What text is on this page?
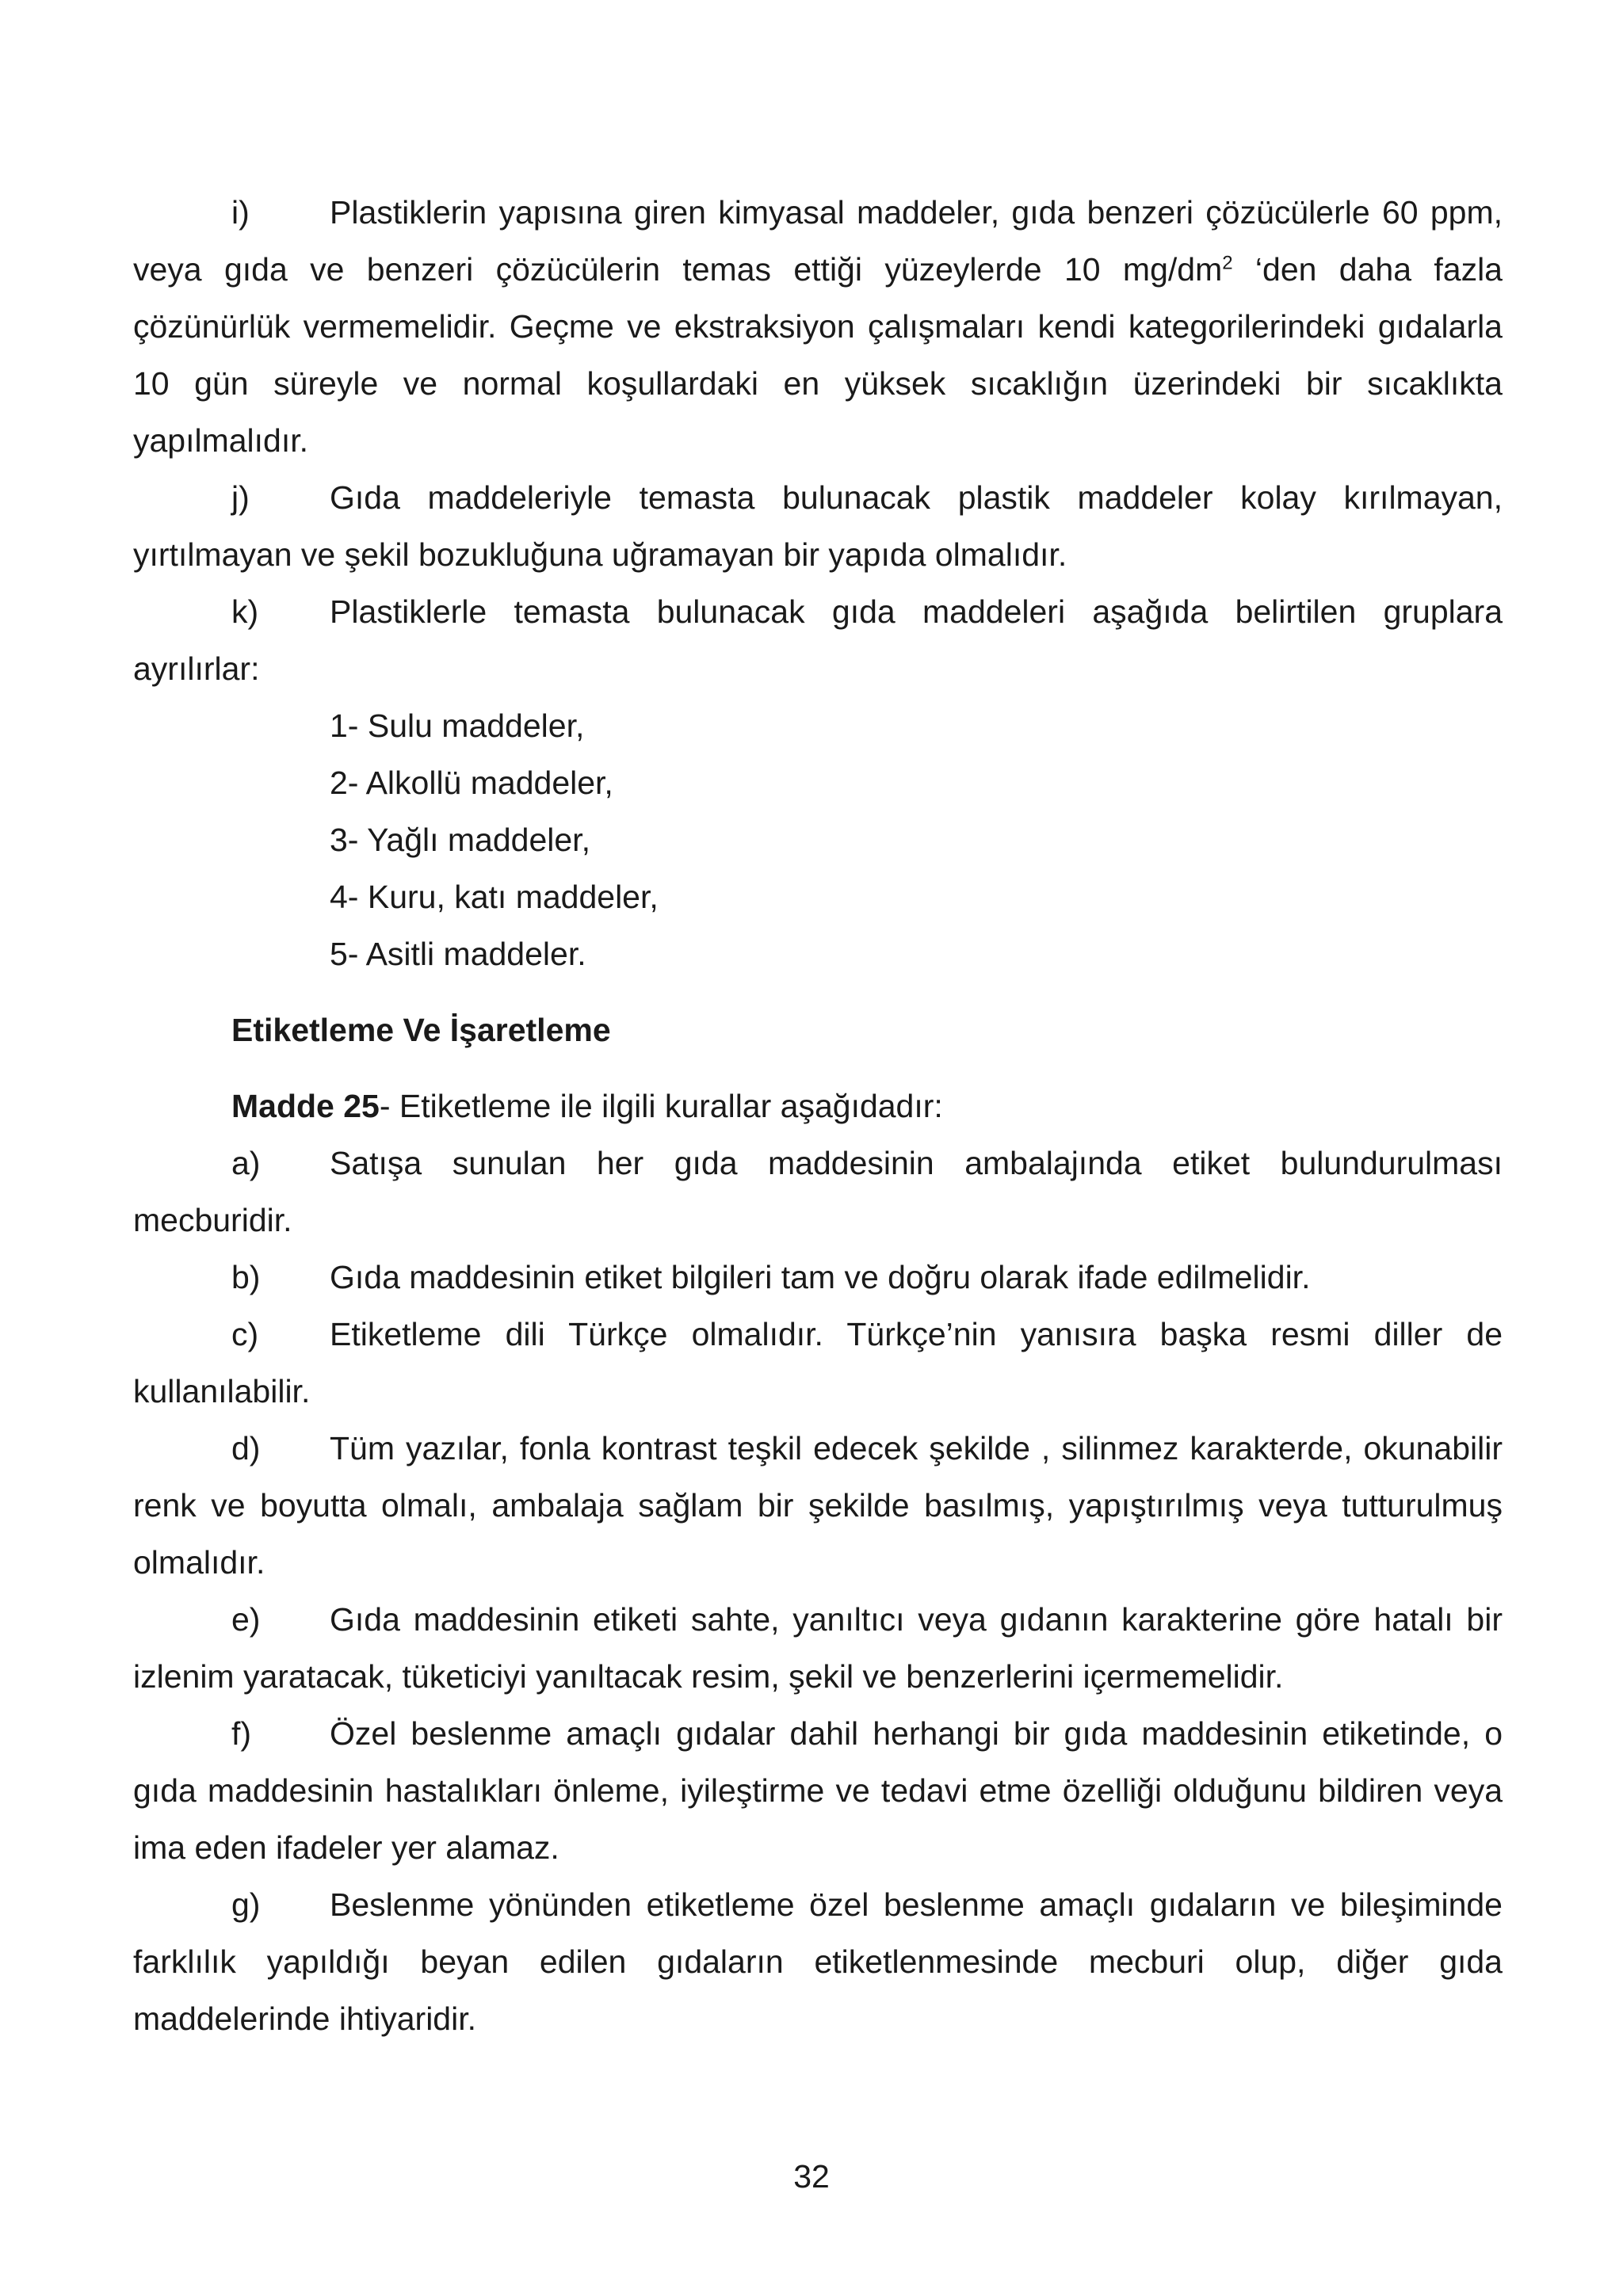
i) Plastiklerin yapısına giren kimyasal maddeler, gıda benzeri çözücülerle 60 ppm, veya gıda ve benzeri çözücülerin temas ettiği yüzeylerde 10 $mg/dm^2$ ‘den daha fazla çözünürlük vermemelidir. Geçme ve ekstraksiyon çalışmaları kendi kategorilerindeki gıdalarla 10 gün süreyle ve normal koşullardaki en yüksek sıcaklığın üzerindeki bir sıcaklıkta yapılmalıdır.

j) Gıda maddeleriyle temasta bulunacak plastik maddeler kolay kırılmayan, yırtılmayan ve şekil bozukluğuna uğramayan bir yapıda olmalıdır.

k) Plastiklerle temasta bulunacak gıda maddeleri aşağıda belirtilen gruplara ayrılırlar:

1- Sulu maddeler,

2- Alkollü maddeler,

3- Yağlı maddeler,

4- Kuru, katı maddeler,

5- Asitli maddeler.

Etiketleme Ve İşaretleme

Madde 25- Etiketleme ile ilgili kurallar aşağıdadır:

a) Satışa sunulan her gıda maddesinin ambalajında etiket bulundurulması mecburidir.

b) Gıda maddesinin etiket bilgileri tam ve doğru olarak ifade edilmelidir.

c) Etiketleme dili Türkçe olmalıdır. Türkçe’nin yanısıra başka resmi diller de kullanılabilir.

d) Tüm yazılar, fonla kontrast teşkil edecek şekilde , silinmez karakterde, okunabilir renk ve boyutta olmalı, ambalaja sağlam bir şekilde basılmış, yapıştırılmış veya tutturulmuş olmalıdır.

e) Gıda maddesinin etiketi sahte, yanıltıcı veya gıdanın karakterine göre hatalı bir izlenim yaratacak, tüketiciyi yanıltacak resim, şekil ve benzerlerini içermemelidir.

f) Özel beslenme amaçlı gıdalar dahil herhangi bir gıda maddesinin etiketinde, o gıda maddesinin hastalıkları önleme, iyileştirme ve tedavi etme özelliği olduğunu bildiren veya ima eden ifadeler yer alamaz.

g) Beslenme yönünden etiketleme özel beslenme amaçlı gıdaların ve bileşiminde farklılık yapıldığı beyan edilen gıdaların etiketlenmesinde mecburi olup, diğer gıda maddelerinde ihtiyaridir.

32
